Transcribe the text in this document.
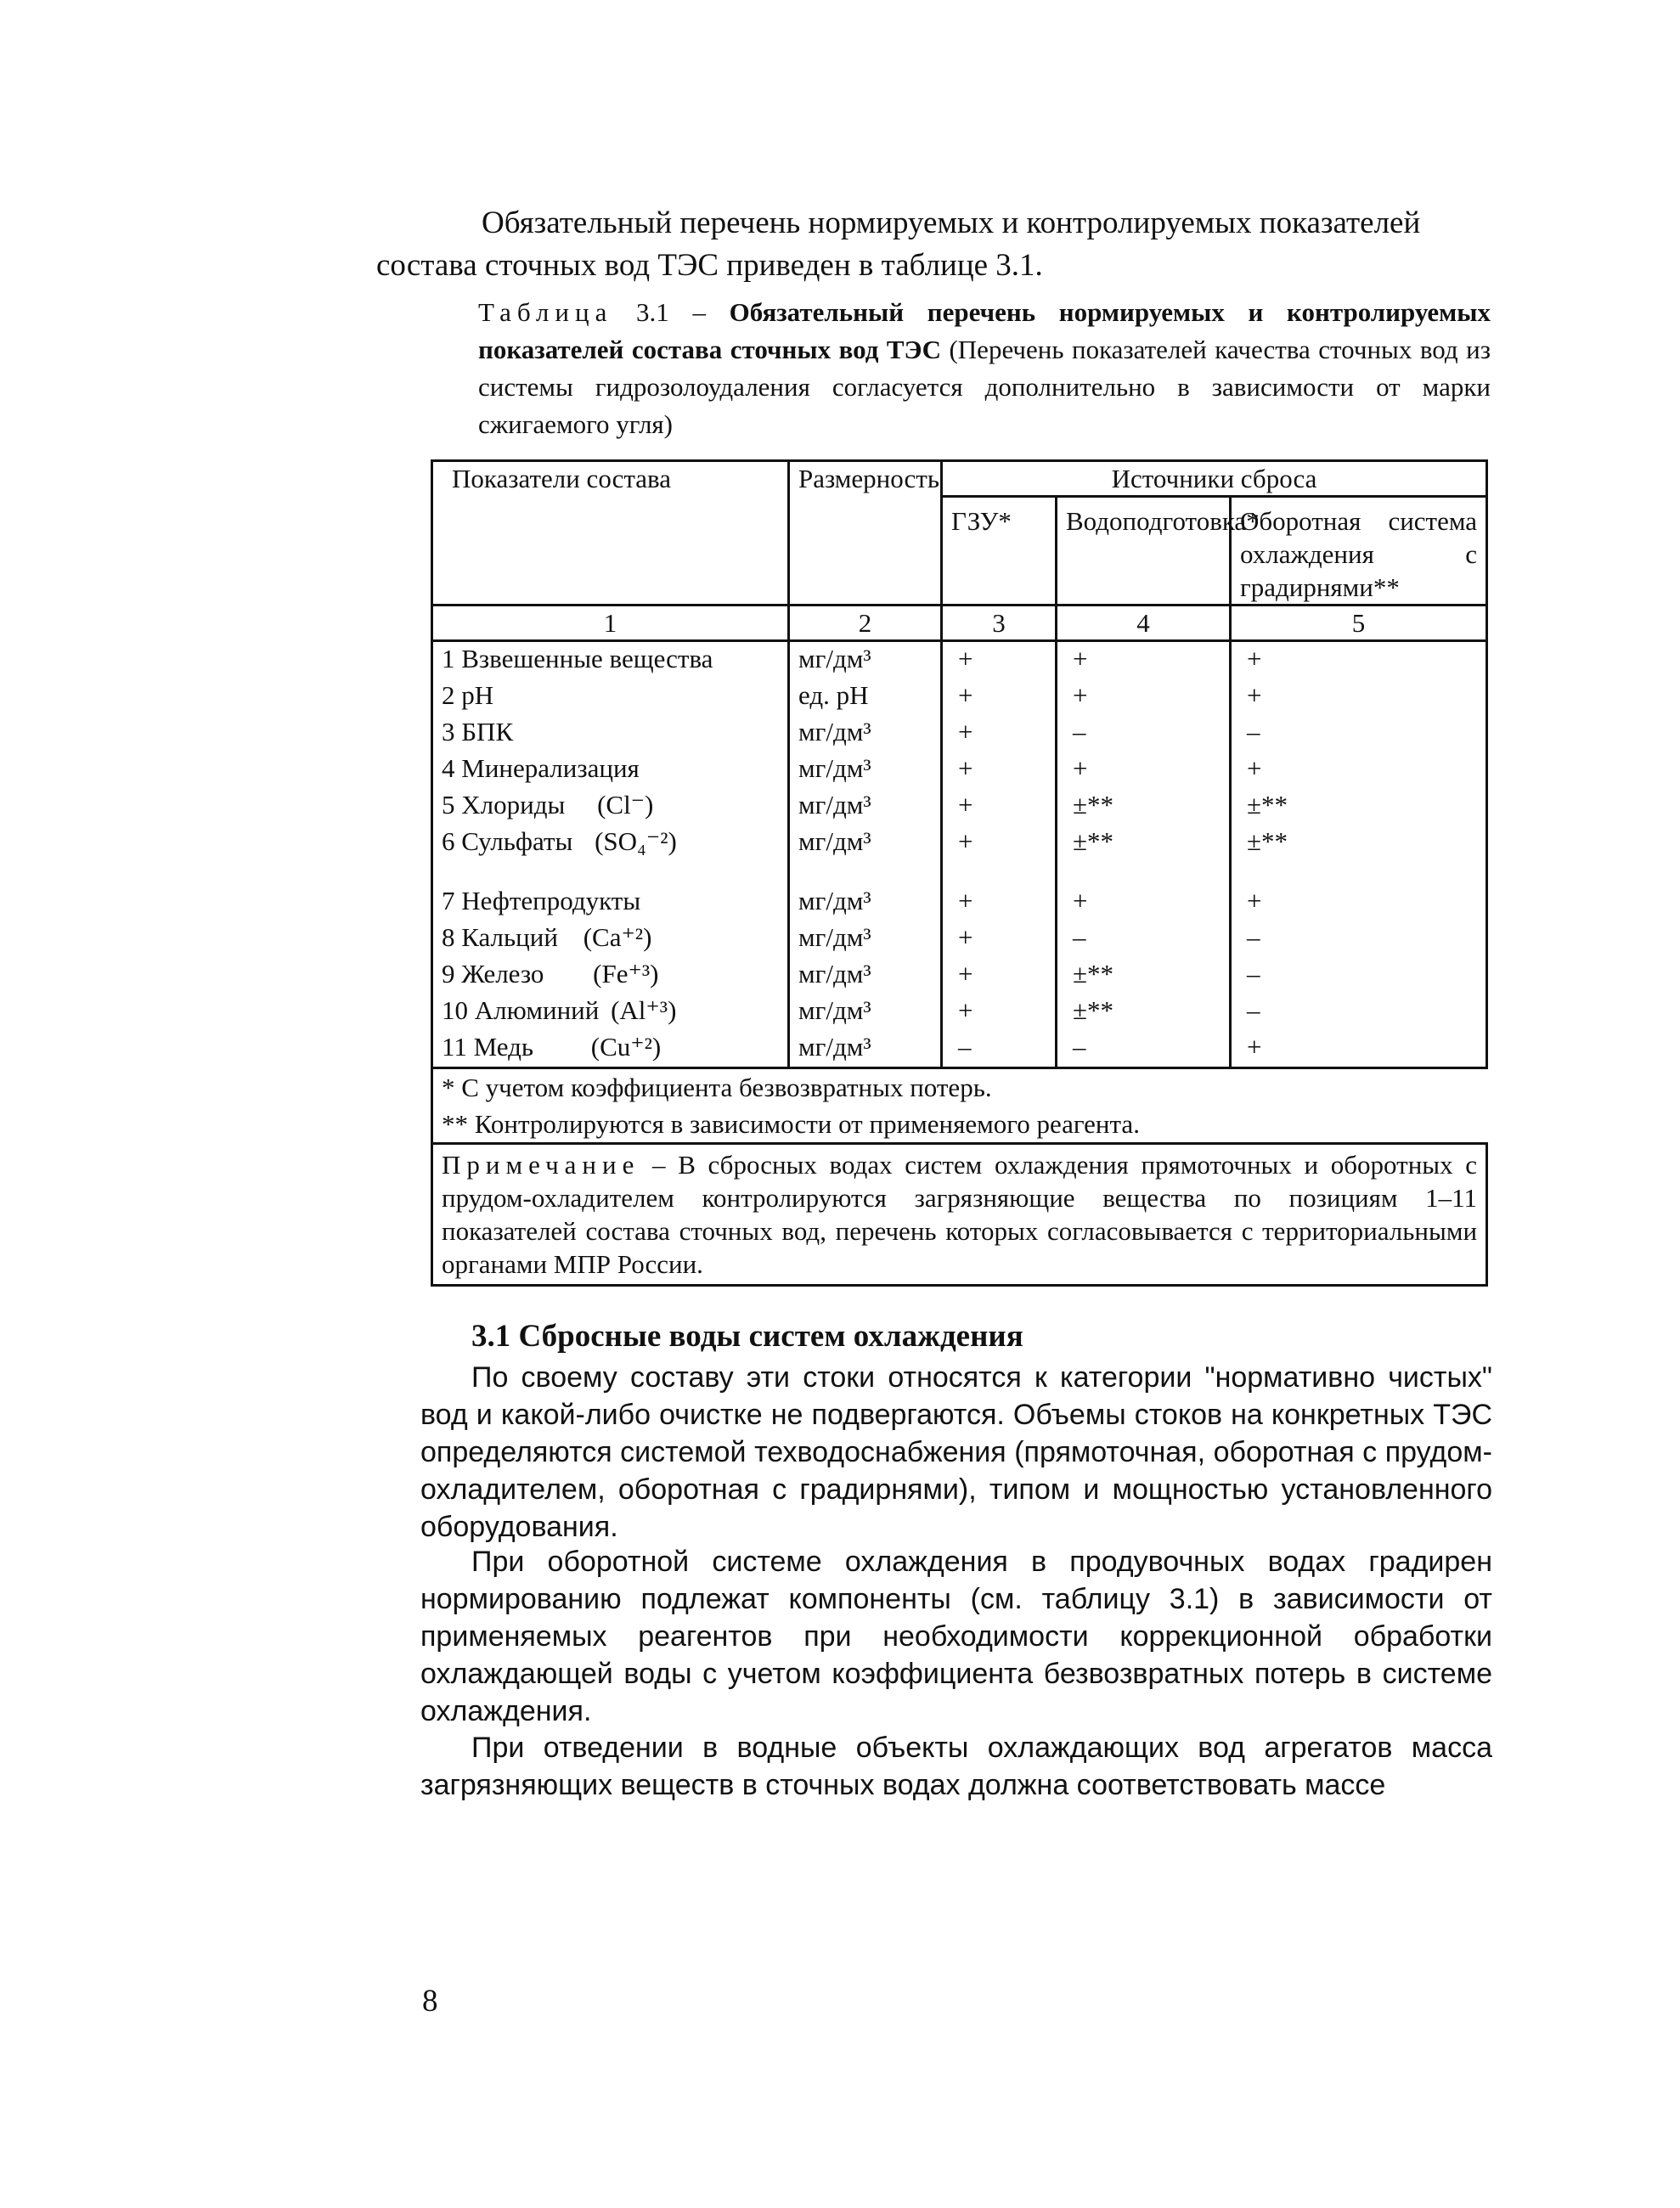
Обязательный перечень нормируемых и контролируемых показателей
состава сточных вод ТЭС приведен в таблице 3.1.

Таблица 3.1 – Обязательный перечень нормируемых и контролируемых показателей состава сточных вод ТЭС (Перечень показателей качества сточных вод из системы гидрозолоудаления согласуется дополнительно в зависимости от марки сжигаемого угля)
Показатели состава	Размерность	Источники сброса		
		ГЗУ*	Водоподготовка*	Оборотная система охлаждения с градирнями**
1	2	3	4	5
1 Взвешенные вещества	мг/дм³	+	+	+
2 рН	ед. рН	+	+	+
3 БПК	мг/дм³	+	–	–
4 Минерализация	мг/дм³	+	+	+
5 Хлориды (Cl⁻)	мг/дм³	+	±**	±**
6 Сульфаты (SO₄⁻²)	мг/дм³	+	±**	±**
7 Нефтепродукты	мг/дм³	+	+	+
8 Кальций (Ca⁺²)	мг/дм³	+	–	–
9 Железо (Fe⁺³)	мг/дм³	+	±**	–
10 Алюминий (Al⁺³)	мг/дм³	+	±**	–
11 Медь (Cu⁺²)	мг/дм³	–	–	+
* С учетом коэффициента безвозвратных потерь.				
** Контролируются в зависимости от применяемого реагента.				
Примечание – В сбросных водах систем охлаждения прямоточных и оборотных с прудом-охладителем контролируются загрязняющие вещества по позициям 1–11 показателей состава сточных вод, перечень которых согласовывается с территориальными органами МПР России.				
3.1 Сбросные воды систем охлаждения

По своему составу эти стоки относятся к категории "нормативно чистых" вод и какой-либо очистке не подвергаются. Объемы стоков на конкретных ТЭС определяются системой техводоснабжения (прямоточная, оборотная с прудом-охладителем, оборотная с градирнями), типом и мощностью установленного оборудования.

При оборотной системе охлаждения в продувочных водах градирен нормированию подлежат компоненты (см. таблицу 3.1) в зависимости от применяемых реагентов при необходимости коррекционной обработки охлаждающей воды с учетом коэффициента безвозвратных потерь в системе охлаждения.

При отведении в водные объекты охлаждающих вод агрегатов масса загрязняющих веществ в сточных водах должна соответствовать массе

8
